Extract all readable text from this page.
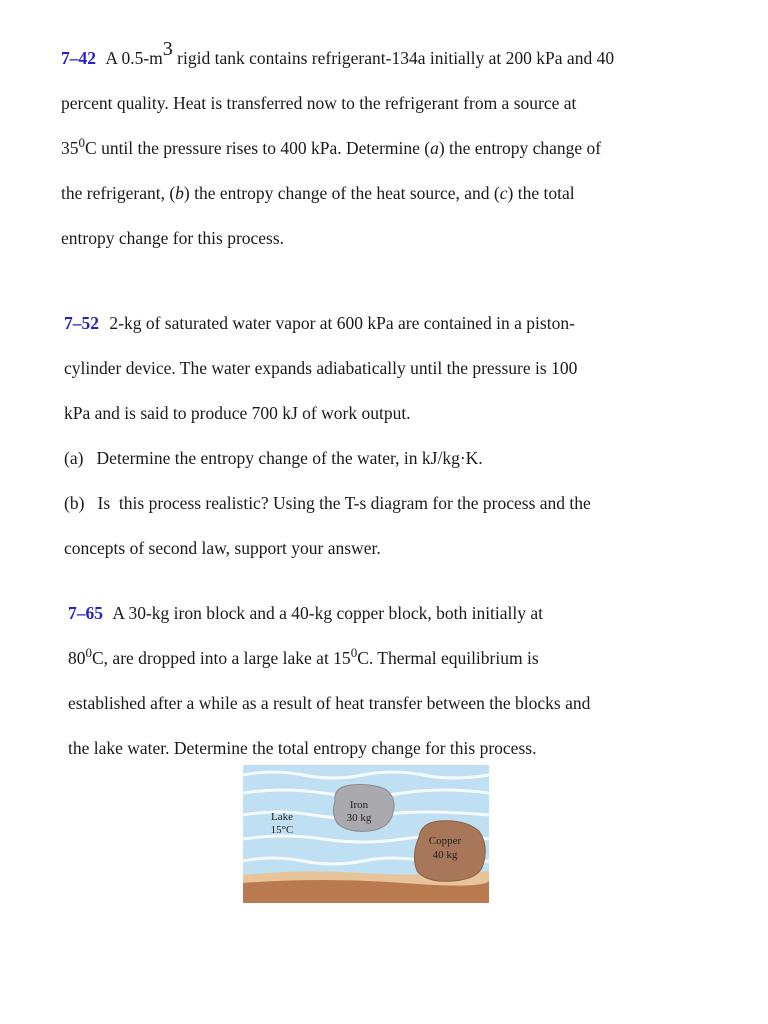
7–42 A $0.5-m^3$ rigid tank contains refrigerant-134a initially at 200 kPa and 40
percent quality. Heat is transferred now to the refrigerant from a source at
$35^0C$ until the pressure rises to 400 kPa. Determine (a) the entropy change of
the refrigerant, (b) the entropy change of the heat source, and (c) the total
entropy change for this process.
7–52 2-kg of saturated water vapor at 600 kPa are contained in a piston-
cylinder device. The water expands adiabatically until the pressure is 100
kPa and is said to produce 700 kJ of work output.
(a)   Determine the entropy change of the water, in kJ/kg·K.
(b)   Is  this process realistic? Using the T-s diagram for the process and the
concepts of second law, support your answer.
7–65 A 30-kg iron block and a 40-kg copper block, both initially at
$80^0C$, are dropped into a large lake at $15^0C$. Thermal equilibrium is
established after a while as a result of heat transfer between the blocks and
the lake water. Determine the total entropy change for this process.
Lake
15°C
Iron
30 kg
Copper
40 kg
